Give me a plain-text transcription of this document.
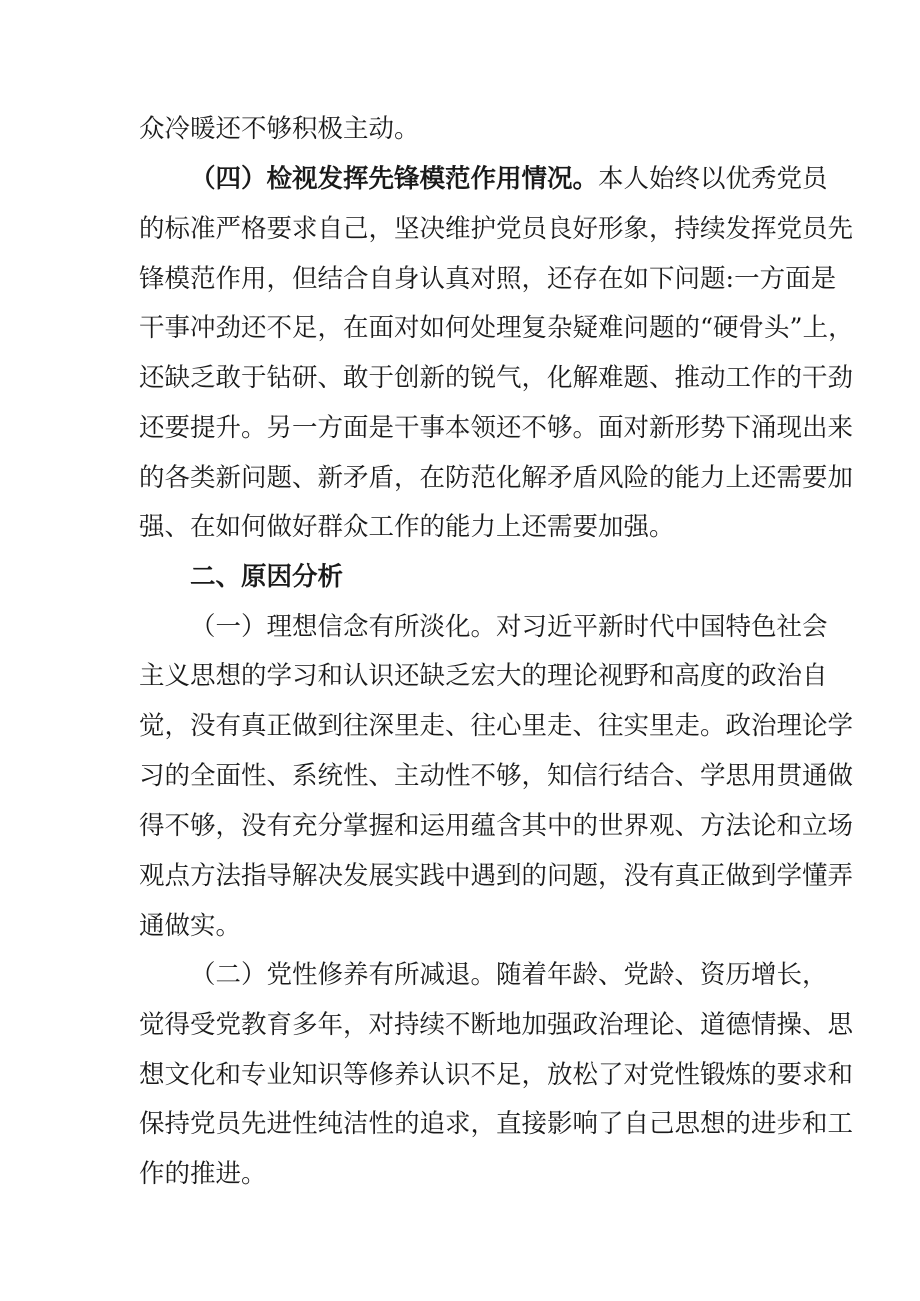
众冷暖还不够积极主动。
（四）检视发挥先锋模范作用情况。本人始终以优秀党员
的标准严格要求自己，坚决维护党员良好形象，持续发挥党员先
锋模范作用，但结合自身认真对照，还存在如下问题:一方面是
干事冲劲还不足，在面对如何处理复杂疑难问题的“硬骨头”上，
还缺乏敢于钻研、敢于创新的锐气，化解难题、推动工作的干劲
还要提升。另一方面是干事本领还不够。面对新形势下涌现出来
的各类新问题、新矛盾，在防范化解矛盾风险的能力上还需要加
强、在如何做好群众工作的能力上还需要加强。
二、原因分析
（一）理想信念有所淡化。对习近平新时代中国特色社会
主义思想的学习和认识还缺乏宏大的理论视野和高度的政治自
觉，没有真正做到往深里走、往心里走、往实里走。政治理论学
习的全面性、系统性、主动性不够，知信行结合、学思用贯通做
得不够，没有充分掌握和运用蕴含其中的世界观、方法论和立场
观点方法指导解决发展实践中遇到的问题，没有真正做到学懂弄
通做实。
（二）党性修养有所减退。随着年龄、党龄、资历增长，
觉得受党教育多年，对持续不断地加强政治理论、道德情操、思
想文化和专业知识等修养认识不足，放松了对党性锻炼的要求和
保持党员先进性纯洁性的追求，直接影响了自己思想的进步和工
作的推进。
